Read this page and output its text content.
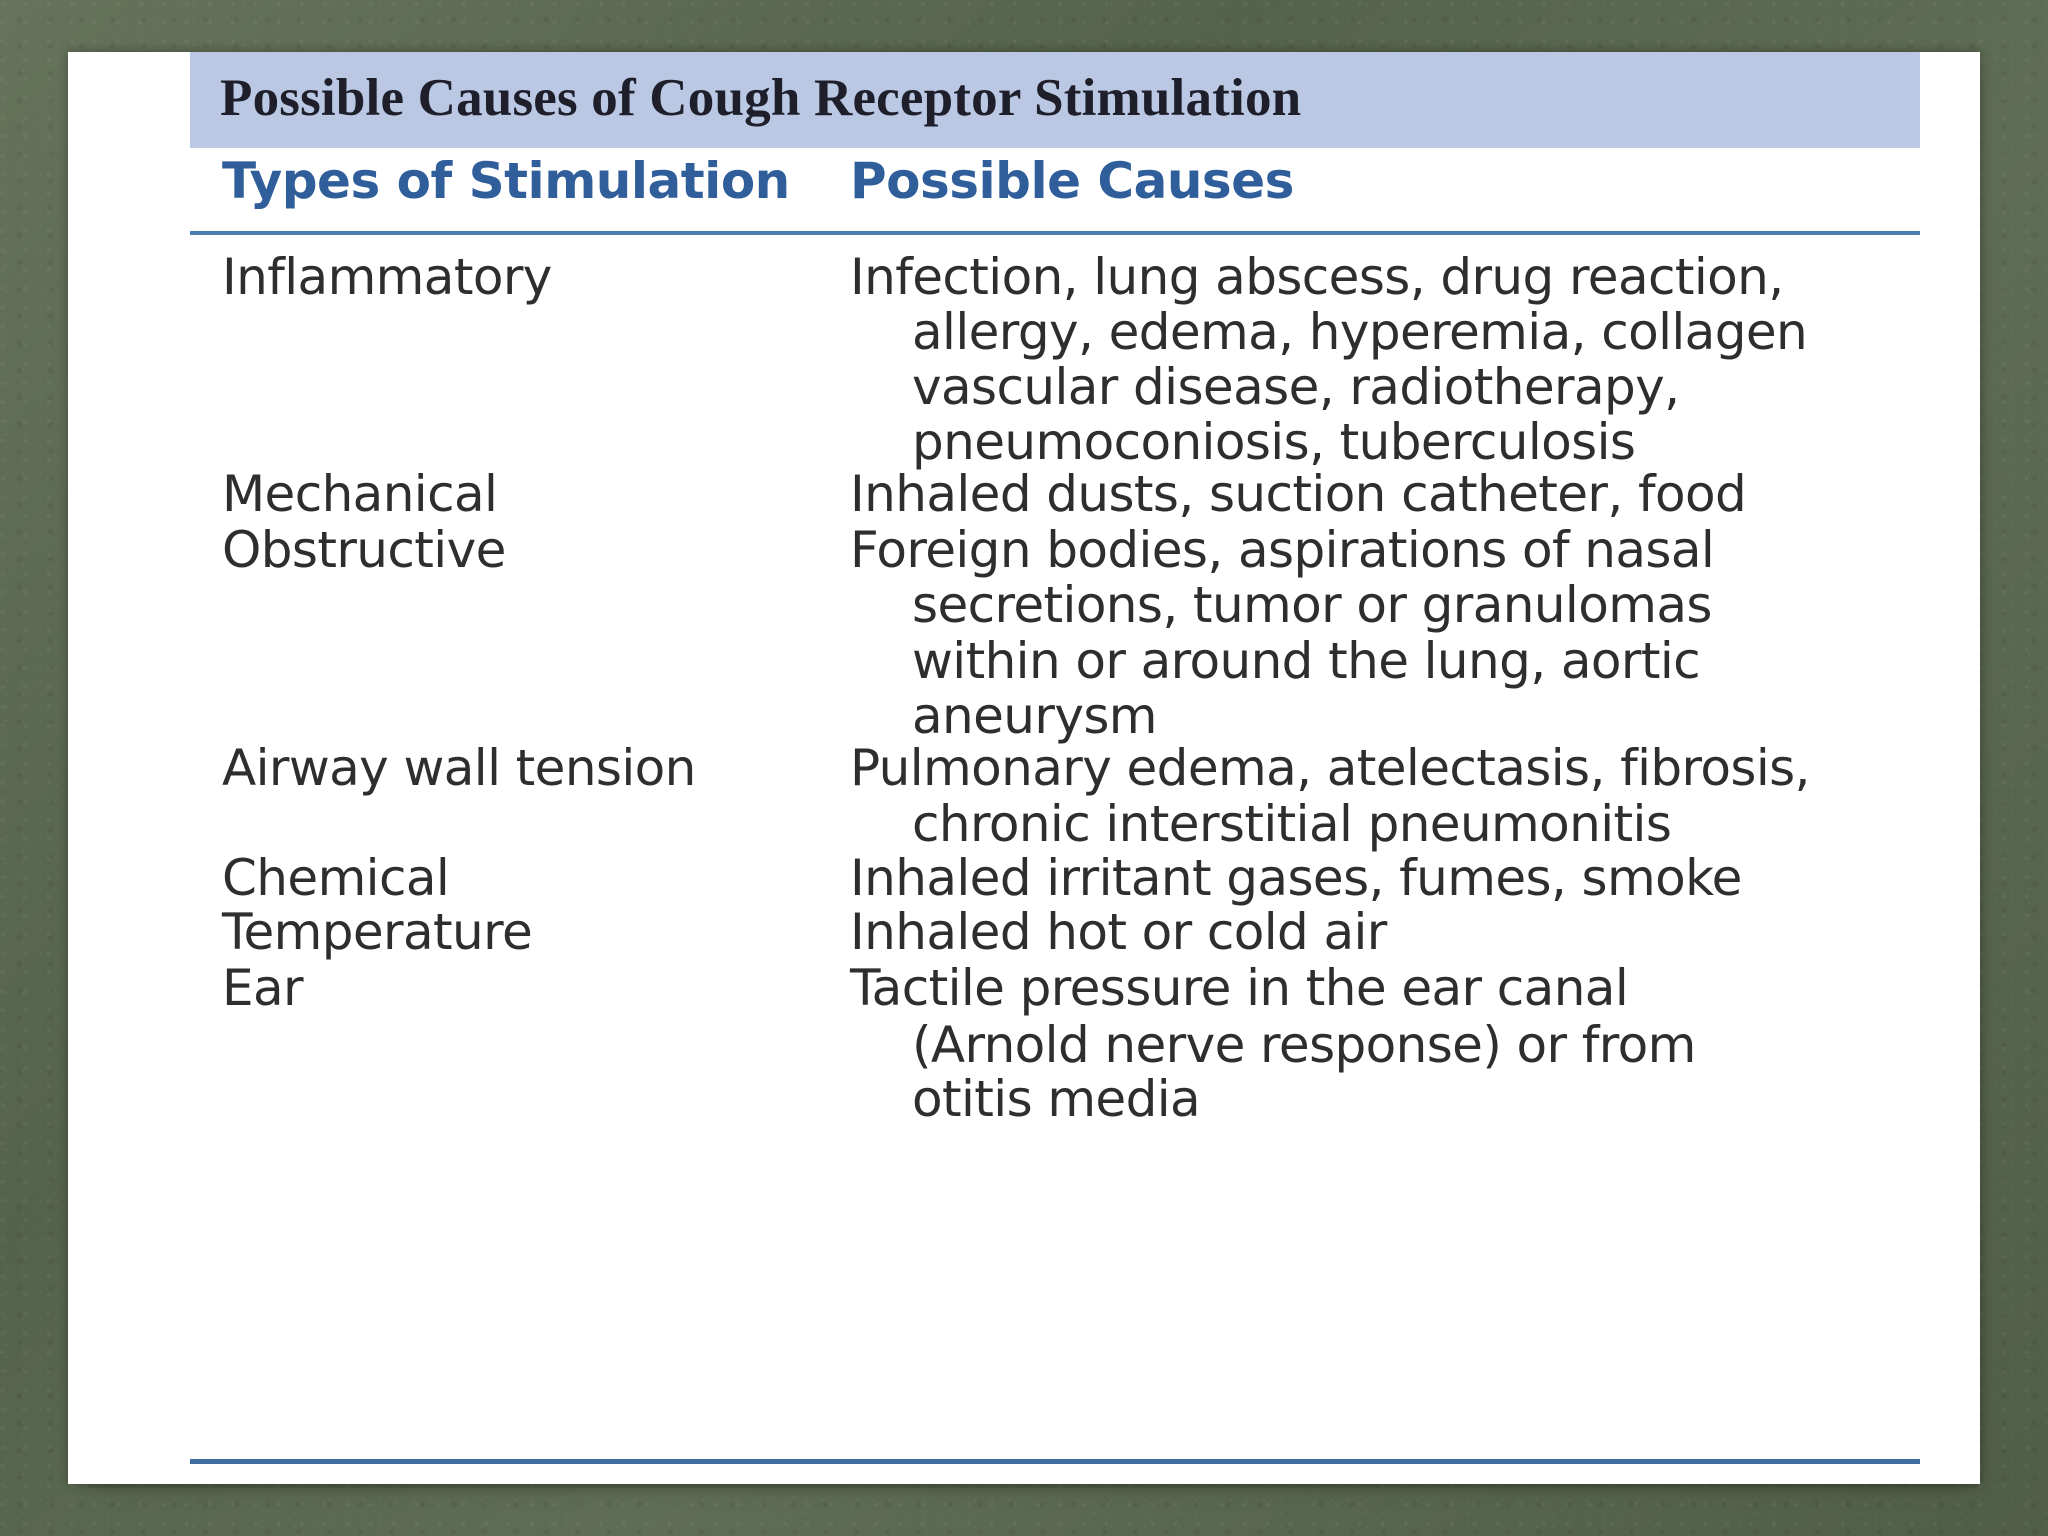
Possible Causes of Cough Receptor Stimulation
Types of Stimulation Possible Causes
Inflammatory	Infection, lung abscess, drug reaction,
allergy, edema, hyperemia, collagen
vascular disease, radiotherapy,
pneumoconiosis, tuberculosis
Mechanical	Inhaled dusts, suction catheter, food
Obstructive	Foreign bodies, aspirations of nasal
secretions, tumor or granulomas
within or around the lung, aortic
aneurysm
Airway wall tension	Pulmonary edema, atelectasis, fibrosis,
chronic interstitial pneumonitis
Chemical	Inhaled irritant gases, fumes, smoke
Temperature	Inhaled hot or cold air
Ear	Tactile pressure in the ear canal
(Arnold nerve response) or from
otitis media
